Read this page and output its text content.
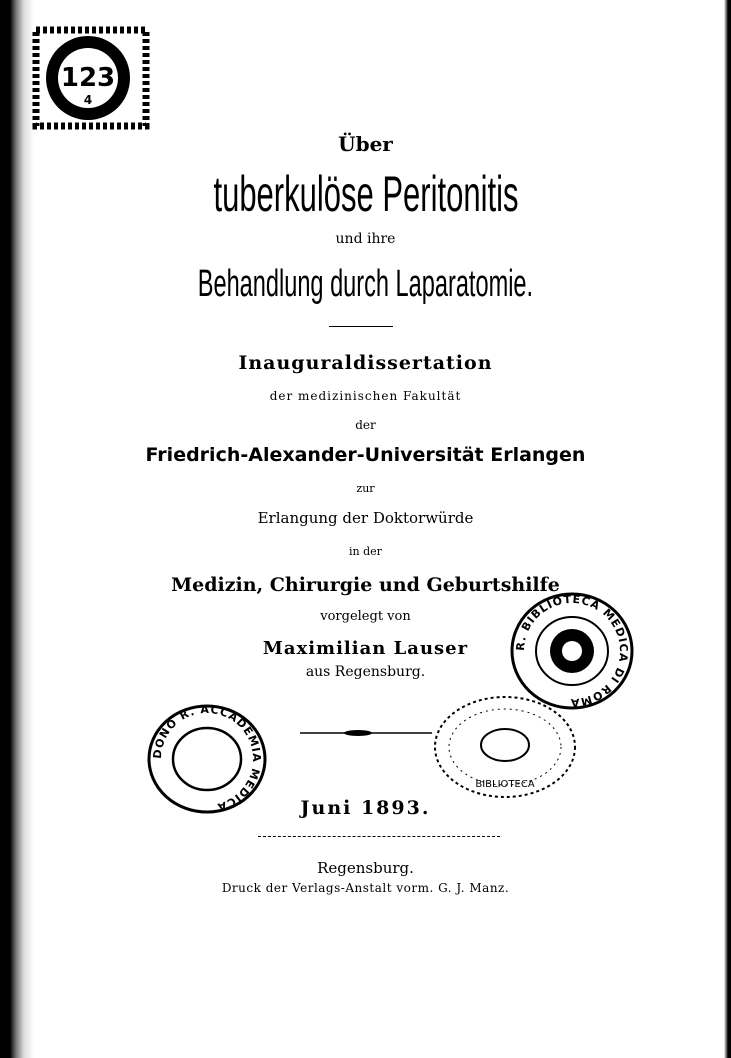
123
4
Über
tuberkulöse Peritonitis
und ihre
Behandlung durch Laparatomie.
Inauguraldissertation
der medizinischen Fakultät
der
Friedrich-Alexander-Universität Erlangen
zur
Erlangung der Doktorwürde
in der
Medizin, Chirurgie und Geburtshilfe
vorgelegt von
Maximilian Lauser
aus Regensburg.
DONO R. ACCADEMIA MEDICA
R. BIBLIOTECA MEDICA DI ROMA
BIBLIOTECA
Juni 1893.
Regensburg.
Druck der Verlags-Anstalt vorm. G. J. Manz.
